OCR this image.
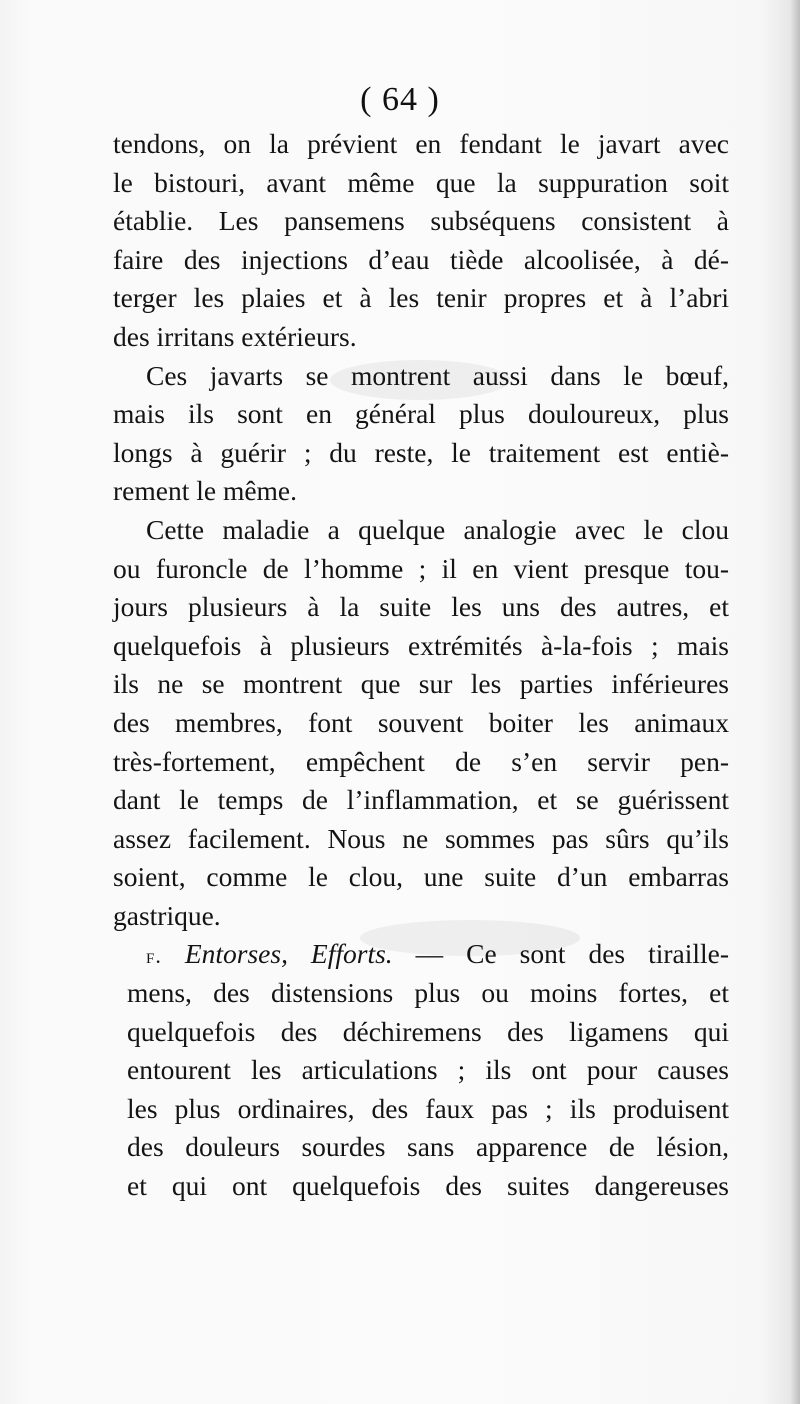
( 64 )
tendons, on la prévient en fendant le javart avec
le bistouri, avant même que la suppuration soit
établie. Les pansemens subséquens consistent à
faire des injections d’eau tiède alcoolisée, à dé-
terger les plaies et à les tenir propres et à l’abri
des irritans extérieurs.
Ces javarts se montrent aussi dans le bœuf,
mais ils sont en général plus douloureux, plus
longs à guérir ; du reste, le traitement est entiè-
rement le même.
Cette maladie a quelque analogie avec le clou
ou furoncle de l’homme ; il en vient presque tou-
jours plusieurs à la suite les uns des autres, et
quelquefois à plusieurs extrémités à-la-fois ; mais
ils ne se montrent que sur les parties inférieures
des membres, font souvent boiter les animaux
très-fortement, empêchent de s’en servir pen-
dant le temps de l’inflammation, et se guérissent
assez facilement. Nous ne sommes pas sûrs qu’ils
soient, comme le clou, une suite d’un embarras
gastrique.
f. Entorses, Efforts. — Ce sont des tiraille-
mens, des distensions plus ou moins fortes, et
quelquefois des déchiremens des ligamens qui
entourent les articulations ; ils ont pour causes
les plus ordinaires, des faux pas ; ils produisent
des douleurs sourdes sans apparence de lésion,
et qui ont quelquefois des suites dangereuses
